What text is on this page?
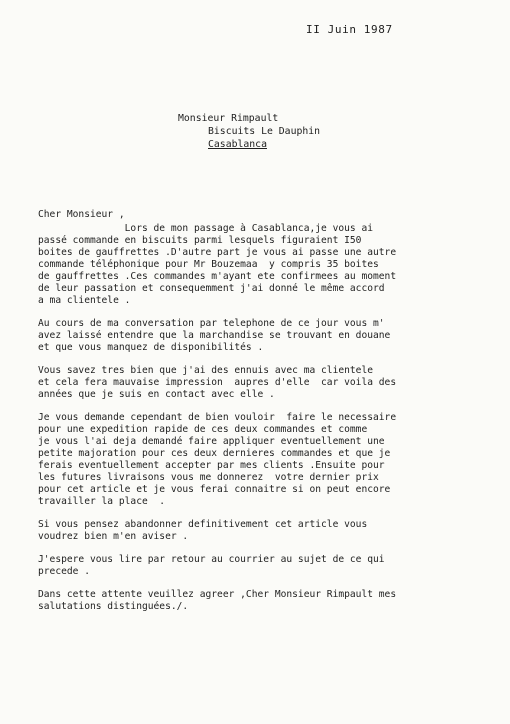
II Juin 1987
Monsieur Rimpault
Biscuits Le Dauphin
Casablanca
Cher Monsieur ,

Lors de mon passage à Casablanca,je vous ai
passé commande en biscuits parmi lesquels figuraient I50
boites de gauffrettes .D'autre part je vous ai passe une autre
commande téléphonique pour Mr Bouzemaa  y compris 35 boites
de gauffrettes .Ces commandes m'ayant ete confirmees au moment
de leur passation et consequemment j'ai donné le même accord
a ma clientele .

Au cours de ma conversation par telephone de ce jour vous m'
avez laissé entendre que la marchandise se trouvant en douane
et que vous manquez de disponibilités .

Vous savez tres bien que j'ai des ennuis avec ma clientele
et cela fera mauvaise impression  aupres d'elle  car voila des
années que je suis en contact avec elle .

Je vous demande cependant de bien vouloir  faire le necessaire
pour une expedition rapide de ces deux commandes et comme
je vous l'ai deja demandé faire appliquer eventuellement une
petite majoration pour ces deux dernieres commandes et que je
ferais eventuellement accepter par mes clients .Ensuite pour
les futures livraisons vous me donnerez  votre dernier prix
pour cet article et je vous ferai connaitre si on peut encore
travailler la place  .

Si vous pensez abandonner definitivement cet article vous
voudrez bien m'en aviser .

J'espere vous lire par retour au courrier au sujet de ce qui
precede .

Dans cette attente veuillez agreer ,Cher Monsieur Rimpault mes
salutations distinguées./.
